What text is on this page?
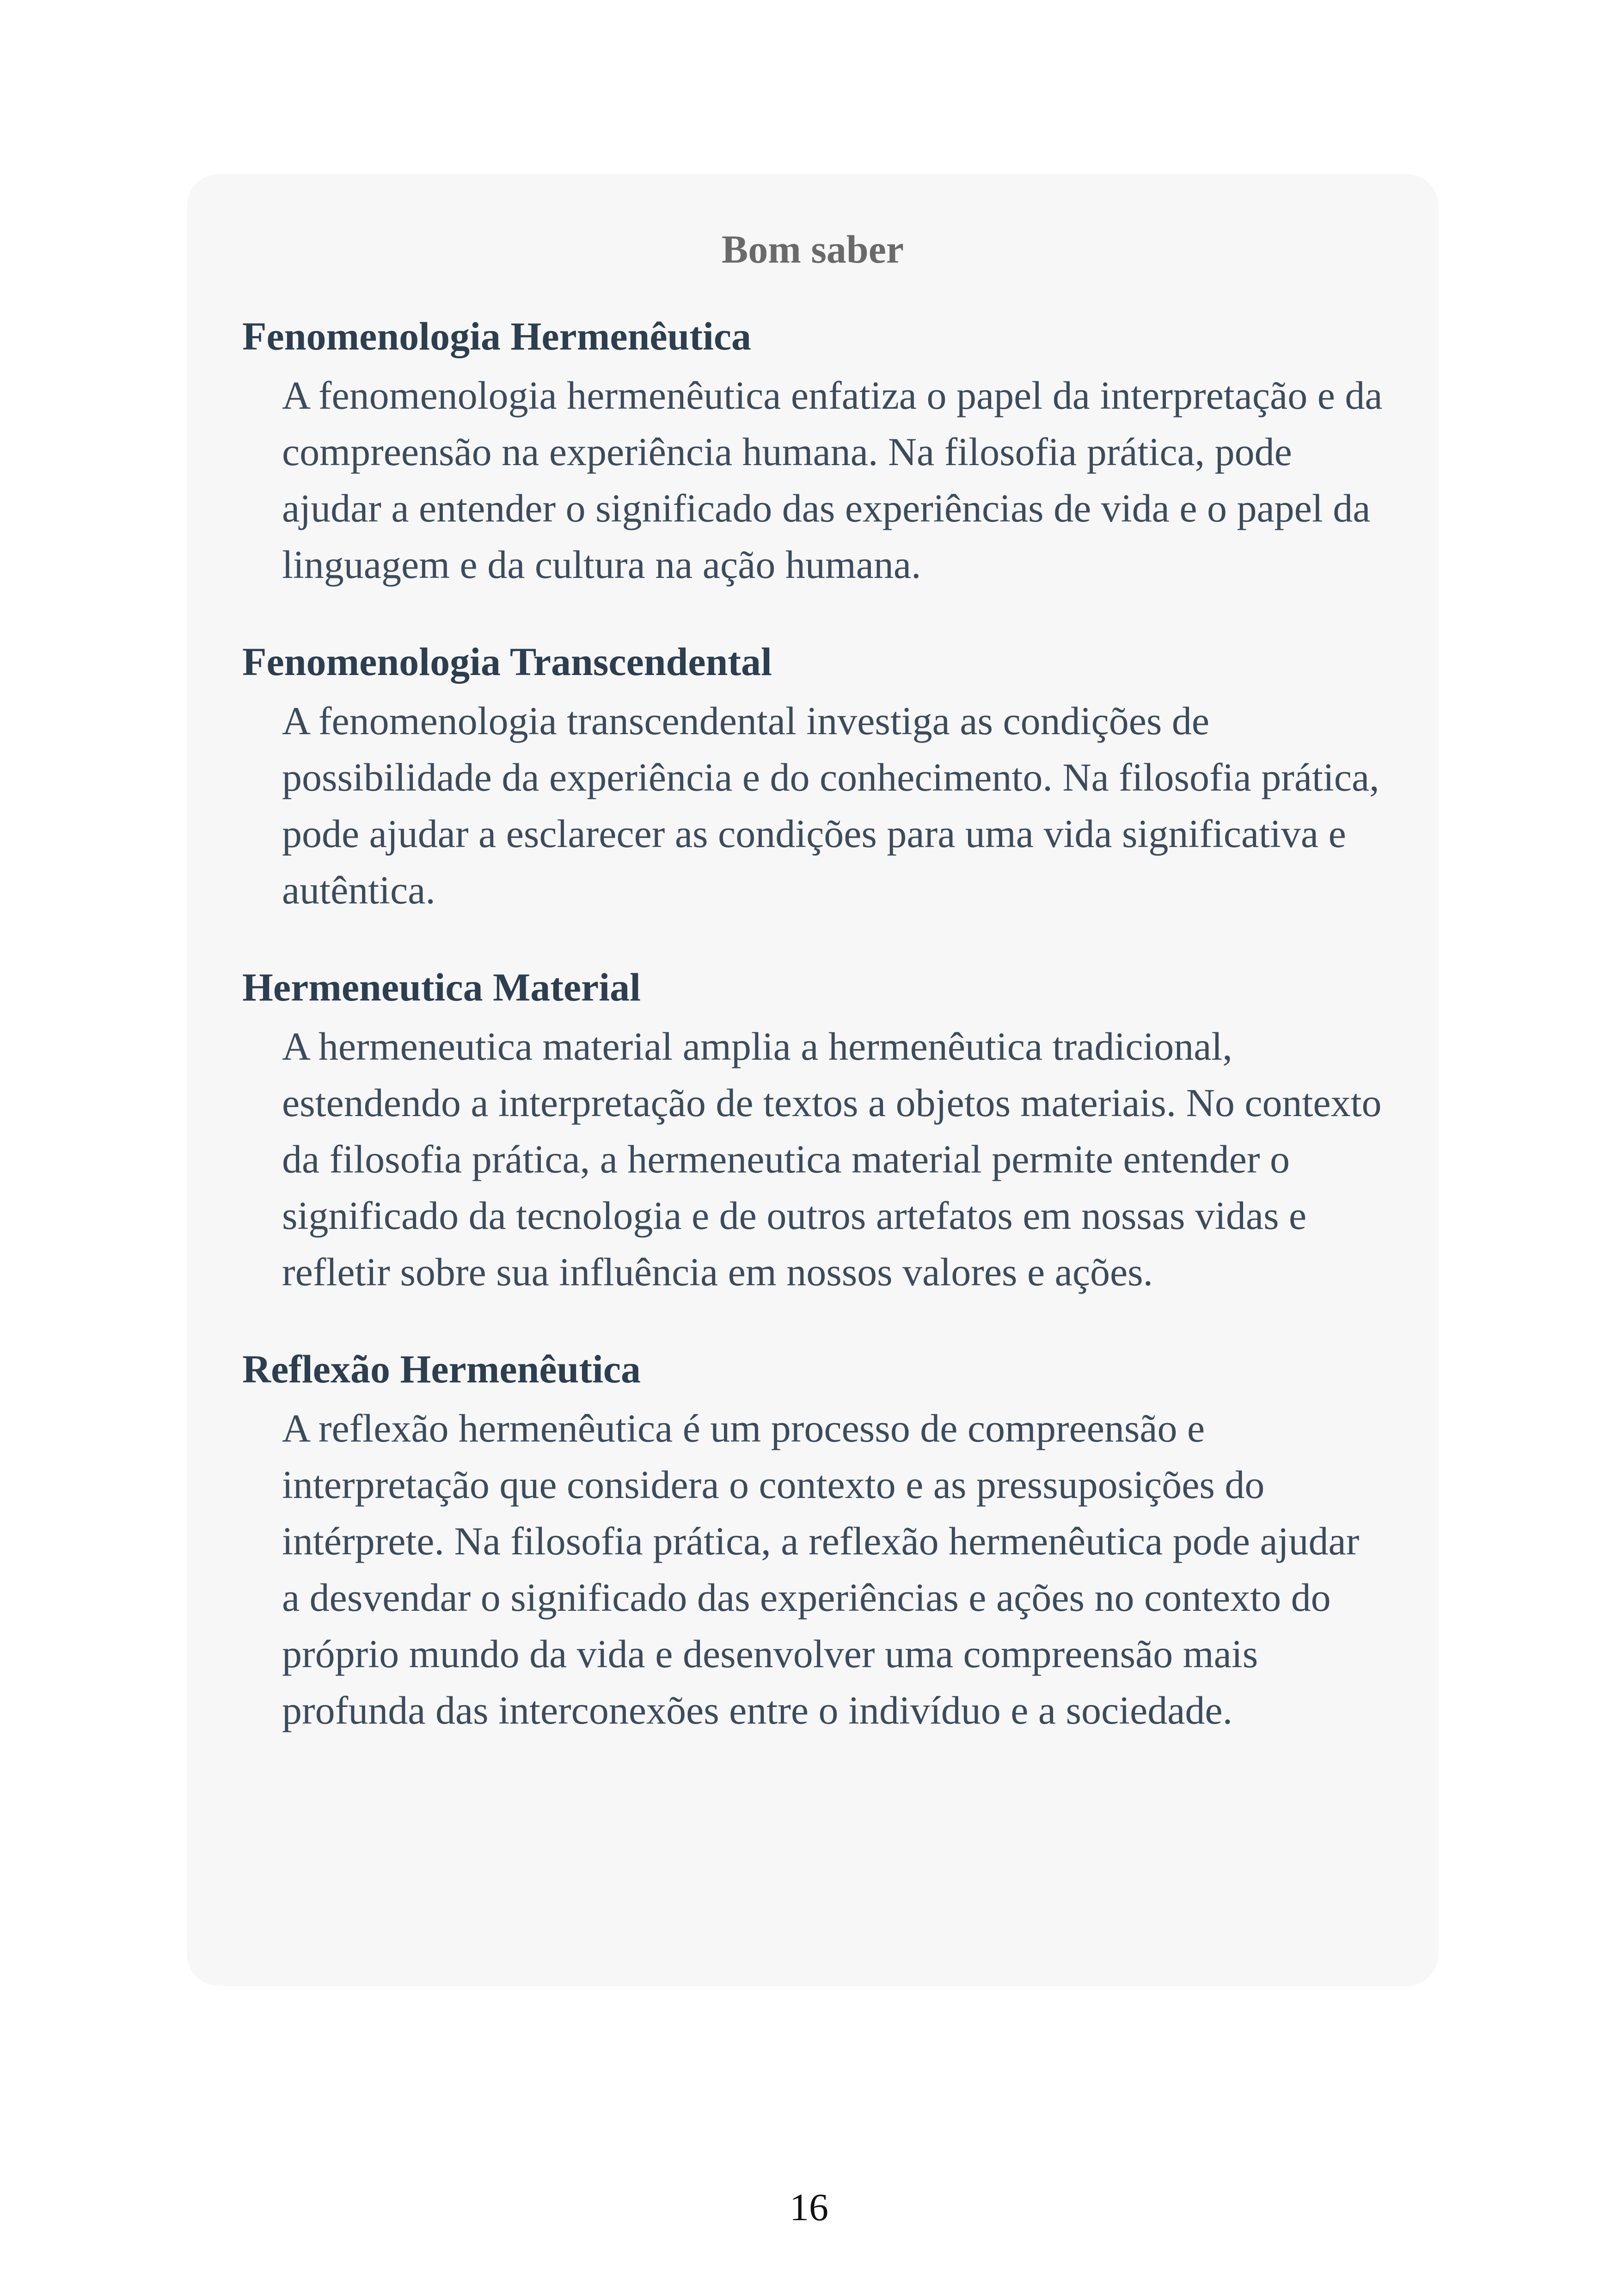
Bom saber

Fenomenologia Hermenêutica

A fenomenologia hermenêutica enfatiza o papel da interpretação e da compreensão na experiência humana. Na filosofia prática, pode ajudar a entender o significado das experiências de vida e o papel da linguagem e da cultura na ação humana.

Fenomenologia Transcendental

A fenomenologia transcendental investiga as condições de possibilidade da experiência e do conhecimento. Na filosofia prática, pode ajudar a esclarecer as condições para uma vida significativa e autêntica.

Hermeneutica Material

A hermeneutica material amplia a hermenêutica tradicional, estendendo a interpretação de textos a objetos materiais. No contexto da filosofia prática, a hermeneutica material permite entender o significado da tecnologia e de outros artefatos em nossas vidas e refletir sobre sua influência em nossos valores e ações.

Reflexão Hermenêutica

A reflexão hermenêutica é um processo de compreensão e interpretação que considera o contexto e as pressuposições do intérprete. Na filosofia prática, a reflexão hermenêutica pode ajudar a desvendar o significado das experiências e ações no contexto do próprio mundo da vida e desenvolver uma compreensão mais profunda das interconexões entre o indivíduo e a sociedade.

16
